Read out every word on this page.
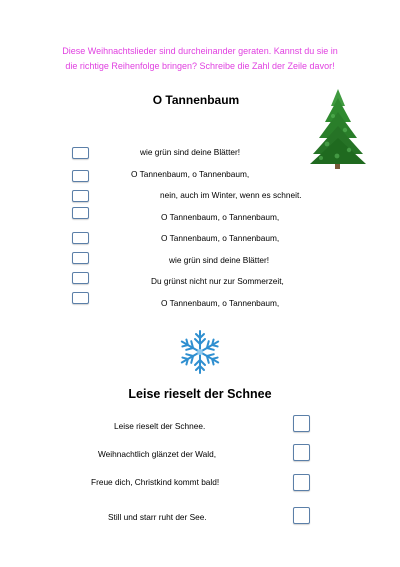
Diese Weihnachtslieder sind durcheinander geraten. Kannst du sie in
die richtige Reihenfolge bringen? Schreibe die Zahl der Zeile davor!
O Tannenbaum
wie grün sind deine Blätter!
O Tannenbaum, o Tannenbaum,
nein, auch im Winter, wenn es schneit.
O Tannenbaum, o Tannenbaum,
O Tannenbaum, o Tannenbaum,
wie grün sind deine Blätter!
Du grünst nicht nur zur Sommerzeit,
O Tannenbaum, o Tannenbaum,
Leise rieselt der Schnee
Leise rieselt der Schnee.
Weihnachtlich glänzet der Wald,
Freue dich, Christkind kommt bald!
Still und starr ruht der See.
